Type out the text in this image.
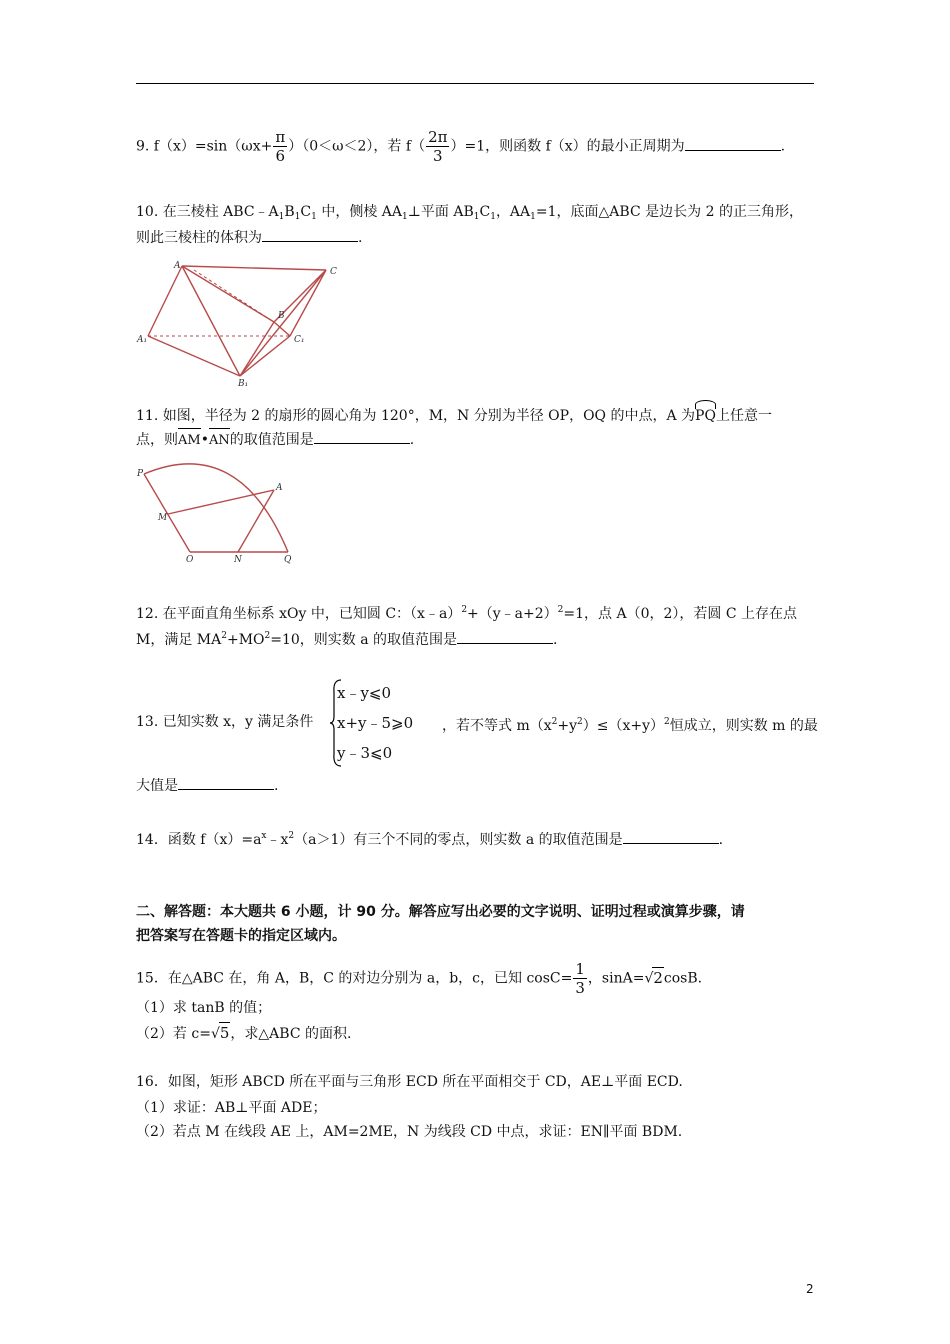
9. $f(x)=\sin(\omega x+ \frac{\pi}{6} )(0<\omega<2)$，若 $f( \frac{2\pi}{3} )=1$，则函数 f（x）的最小正周期为	.
10. 在三棱柱 $ABC﹣A_1B_1C_1$ 中，侧棱 $AA_1\perp$平面 $AB_1C_1$，$AA_1=1$，底面△ABC 是边长为 2 的正三角形，
则此三棱柱的体积为	.
A
C
B
A₁	C₁
B₁
11. 如图，半径为 2 的扇形的圆心角为 120°，M，N 分别为半径 OP，OQ 的中点，A 为PQ上任意一
点，则AM•AN的取值范围是	.
P
A
M
O	N	Q
12. 在平面直角坐标系 xOy 中，已知圆 C：（x﹣a）$^2$+（y﹣a+2）$^2$=1，点 A（0，2），若圆 C 上存在点
M，满足 $MA^2+MO^2=10$，则实数 a 的取值范围是	.
13. 已知实数 x，y 满足条件
x﹣y⩽0
x+y﹣5⩾0
y﹣3⩽0
，若不等式 $m(x^2+y^2)\le(x+y)^2$恒成立，则实数 m 的最
大值是	.
14．函数 $f(x)=a^x﹣x^2(a>1)$有三个不同的零点，则实数 a 的取值范围是	.
二、解答题：本大题共 6 小题，计 90 分。解答应写出必要的文字说明、证明过程或演算步骤，请
把答案写在答题卡的指定区域内。
15．在△ABC 在，角 A，B，C 的对边分别为 a，b，c，已知 $\cos C= \frac{1}{3}$ ，sinA=√2cosB.
（1）求 tanB 的值；
（2）若 c=√5，求△ABC 的面积.
16．如图，矩形 ABCD 所在平面与三角形 ECD 所在平面相交于 CD，AE⊥平面 ECD.
（1）求证：AB⊥平面 ADE；
（2）若点 M 在线段 AE 上，AM=2ME，N 为线段 CD 中点，求证：EN∥平面 BDM.
2
